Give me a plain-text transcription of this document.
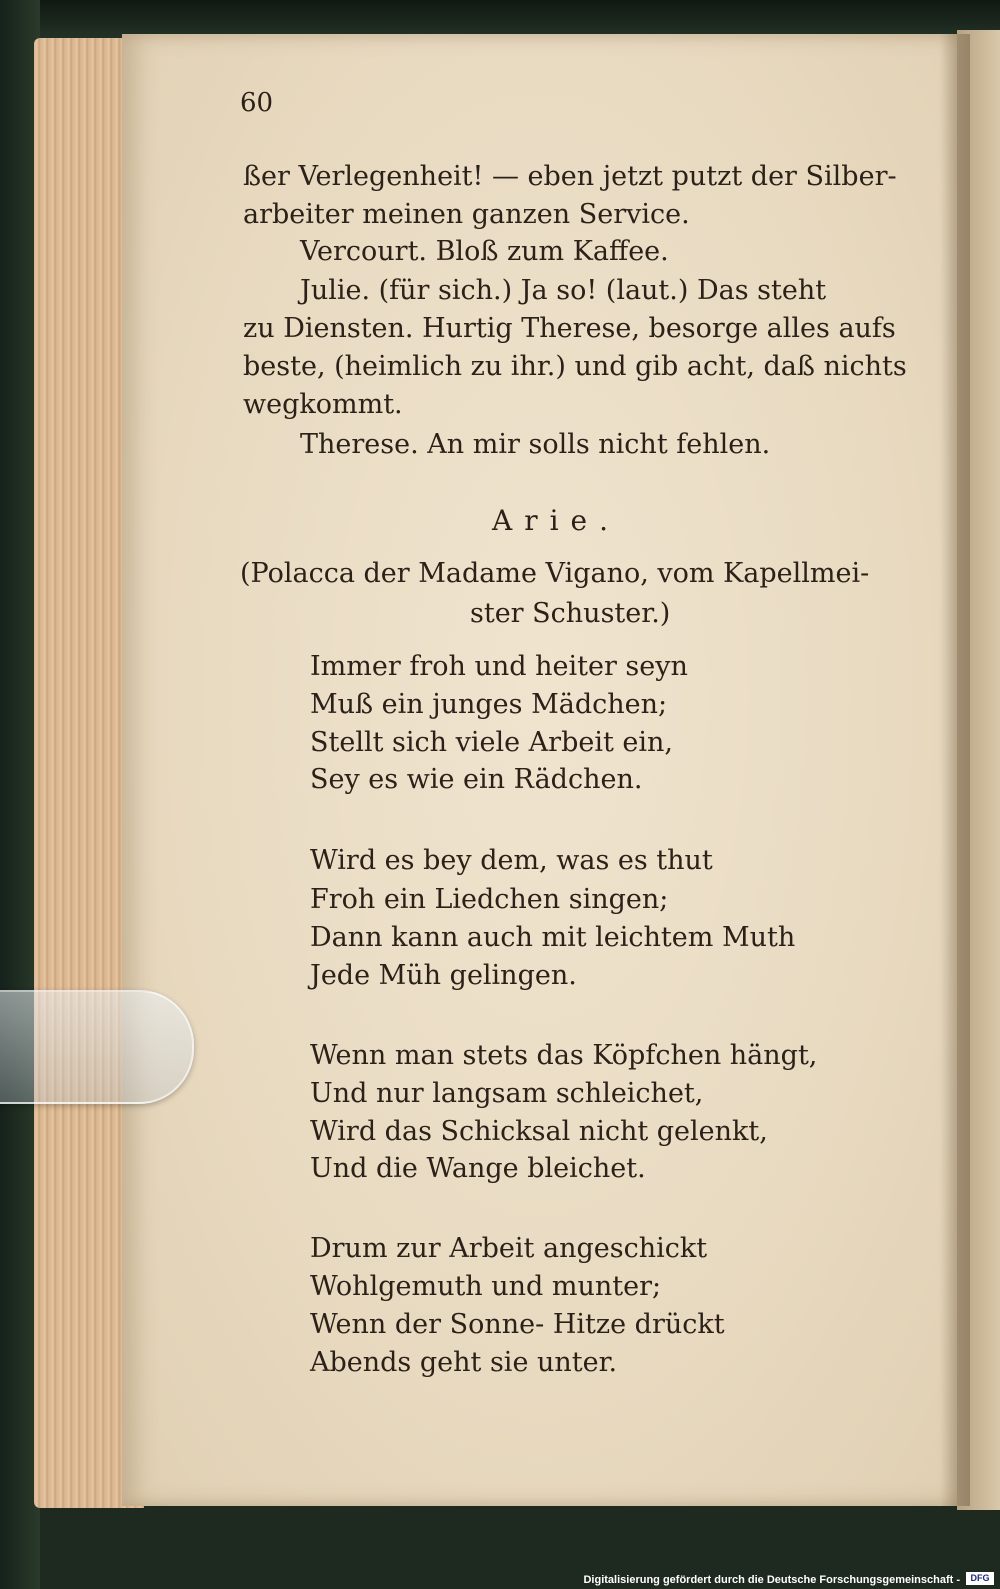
60
ßer Verlegenheit! — eben jetzt putzt der Silber-
arbeiter meinen ganzen Service.
Vercourt. Bloß zum Kaffee.
Julie. (für sich.) Ja so! (laut.) Das steht
zu Diensten. Hurtig Therese, besorge alles aufs
beste, (heimlich zu ihr.) und gib acht, daß nichts
wegkommt.
Therese. An mir solls nicht fehlen.
Arie.
(Polacca der Madame Vigano, vom Kapellmei-
ster Schuster.)
Immer froh und heiter seyn
Muß ein junges Mädchen;
Stellt sich viele Arbeit ein,
Sey es wie ein Rädchen.
Wird es bey dem, was es thut
Froh ein Liedchen singen;
Dann kann auch mit leichtem Muth
Jede Müh gelingen.
Wenn man stets das Köpfchen hängt,
Und nur langsam schleichet,
Wird das Schicksal nicht gelenkt,
Und die Wange bleichet.
Drum zur Arbeit angeschickt
Wohlgemuth und munter;
Wenn der Sonne- Hitze drückt
Abends geht sie unter.
Digitalisierung gefördert durch die Deutsche Forschungsgemeinschaft -	DFG
